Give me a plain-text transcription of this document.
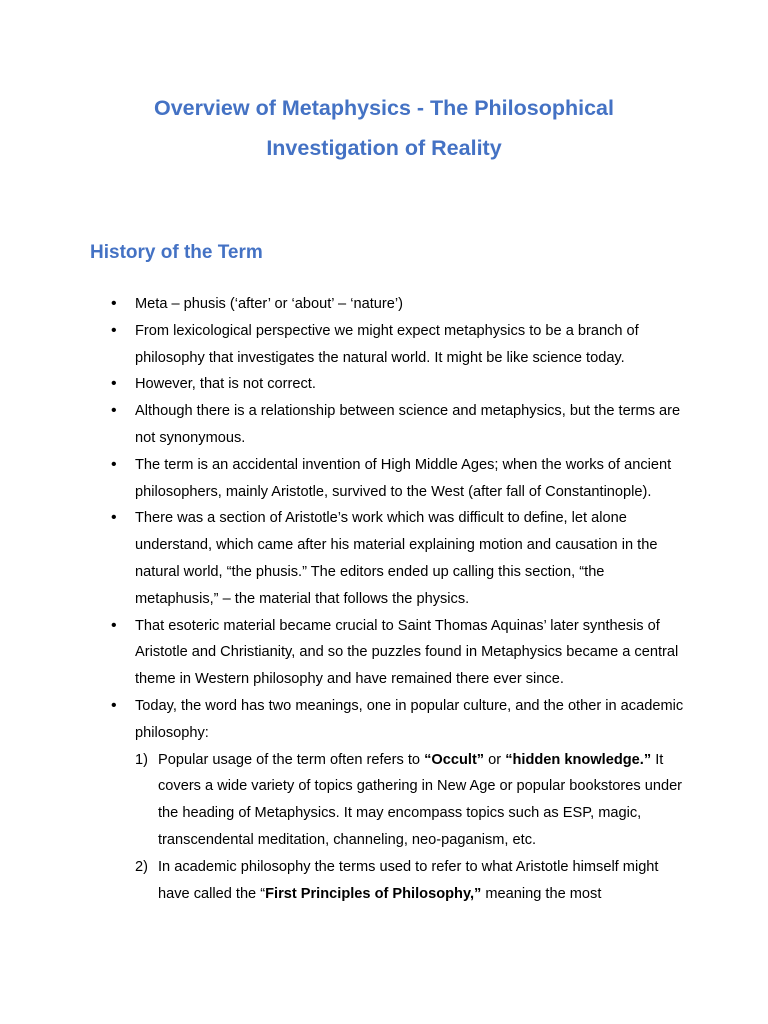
Overview of Metaphysics - The Philosophical
Investigation of Reality
History of the Term
• Meta – phusis (‘after’ or ‘about’ – ‘nature’)
• From lexicological perspective we might expect metaphysics to be a branch of philosophy that investigates the natural world. It might be like science today.
• However, that is not correct.
• Although there is a relationship between science and metaphysics, but the terms are not synonymous.
• The term is an accidental invention of High Middle Ages; when the works of ancient philosophers, mainly Aristotle, survived to the West (after fall of Constantinople).
• There was a section of Aristotle’s work which was difficult to define, let alone understand, which came after his material explaining motion and causation in the natural world, “the phusis.” The editors ended up calling this section, “the metaphusis,” – the material that follows the physics.
• That esoteric material became crucial to Saint Thomas Aquinas’ later synthesis of Aristotle and Christianity, and so the puzzles found in Metaphysics became a central theme in Western philosophy and have remained there ever since.
• Today, the word has two meanings, one in popular culture, and the other in academic philosophy:
1) Popular usage of the term often refers to “Occult” or “hidden knowledge.” It covers a wide variety of topics gathering in New Age or popular bookstores under the heading of Metaphysics. It may encompass topics such as ESP, magic, transcendental meditation, channeling, neo-paganism, etc.
2) In academic philosophy the terms used to refer to what Aristotle himself might have called the “First Principles of Philosophy,” meaning the most
